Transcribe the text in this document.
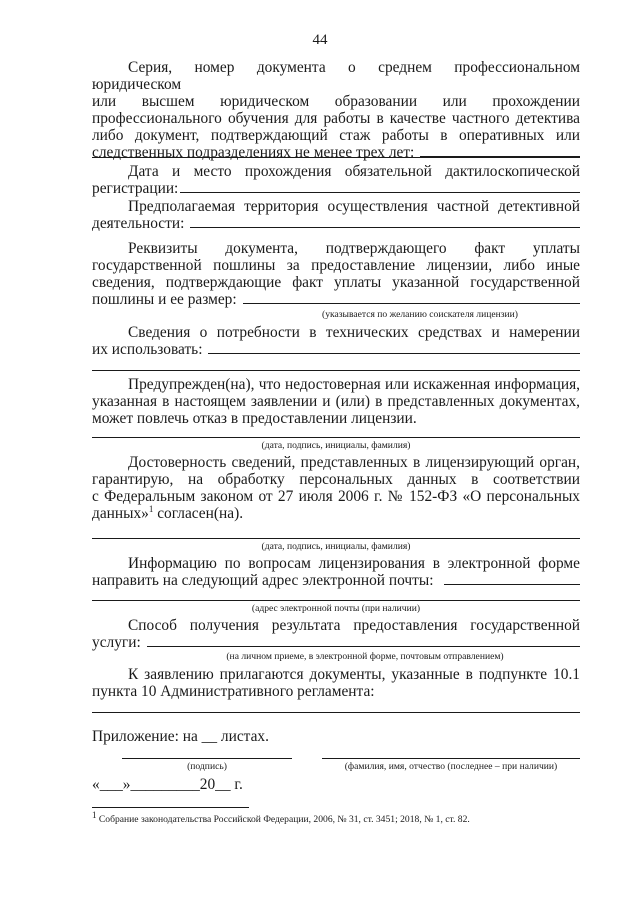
44
Серия, номер документа о среднем профессиональном юридическом
или высшем юридическом образовании или прохождении
профессионального обучения для работы в качестве частного детектива
либо документ, подтверждающий стаж работы в оперативных или
следственных подразделениях не менее трех лет:
Дата и место прохождения обязательной дактилоскопической
регистрации:
Предполагаемая территория осуществления частной детективной
деятельности:
Реквизиты документа, подтверждающего факт уплаты
государственной пошлины за предоставление лицензии, либо иные
сведения, подтверждающие факт уплаты указанной государственной
пошлины и ее размер:
(указывается по желанию соискателя лицензии)
Сведения о потребности в технических средствах и намерении
их использовать:
Предупрежден(на), что недостоверная или искаженная информация,
указанная в настоящем заявлении и (или) в представленных документах,
может повлечь отказ в предоставлении лицензии.
(дата, подпись, инициалы, фамилия)
Достоверность сведений, представленных в лицензирующий орган,
гарантирую, на обработку персональных данных в соответствии
с Федеральным законом от 27 июля 2006 г. № 152-ФЗ «О персональных
данных»$^1$ согласен(на).
(дата, подпись, инициалы, фамилия)
Информацию по вопросам лицензирования в электронной форме
направить на следующий адрес электронной почты:
(адрес электронной почты (при наличии)
Способ получения результата предоставления государственной
услуги:
(на личном приеме, в электронной форме, почтовым отправлением)
К заявлению прилагаются документы, указанные в подпункте 10.1
пункта 10 Административного регламента:
Приложение: на __ листах.
(подпись)	(фамилия, имя, отчество (последнее – при наличии)
«___»_________20__ г.
$^1$ Собрание законодательства Российской Федерации, 2006, № 31, ст. 3451; 2018, № 1, ст. 82.
